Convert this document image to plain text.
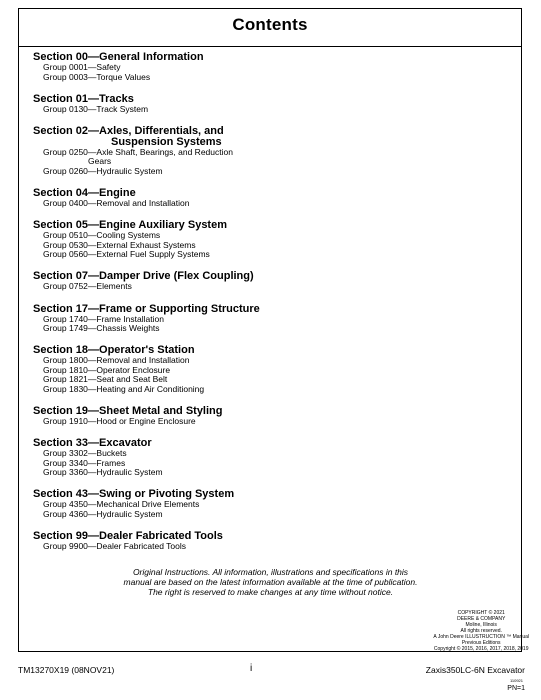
Contents
Section 00—General Information
Group 0001—Safety
Group 0003—Torque Values
Section 01—Tracks
Group 0130—Track System
Section 02—Axles, Differentials, and
Suspension Systems
Group 0250—Axle Shaft, Bearings, and Reduction
Gears
Group 0260—Hydraulic System
Section 04—Engine
Group 0400—Removal and Installation
Section 05—Engine Auxiliary System
Group 0510—Cooling Systems
Group 0530—External Exhaust Systems
Group 0560—External Fuel Supply Systems
Section 07—Damper Drive (Flex Coupling)
Group 0752—Elements
Section 17—Frame or Supporting Structure
Group 1740—Frame Installation
Group 1749—Chassis Weights
Section 18—Operator's Station
Group 1800—Removal and Installation
Group 1810—Operator Enclosure
Group 1821—Seat and Seat Belt
Group 1830—Heating and Air Conditioning
Section 19—Sheet Metal and Styling
Group 1910—Hood or Engine Enclosure
Section 33—Excavator
Group 3302—Buckets
Group 3340—Frames
Group 3360—Hydraulic System
Section 43—Swing or Pivoting System
Group 4350—Mechanical Drive Elements
Group 4360—Hydraulic System
Section 99—Dealer Fabricated Tools
Group 9900—Dealer Fabricated Tools
Original Instructions. All information, illustrations and specifications in this
manual are based on the latest information available at the time of publication.
The right is reserved to make changes at any time without notice.
COPYRIGHT © 2021
DEERE & COMPANY
Moline, Illinois
All rights reserved.
A John Deere ILLUSTRUCTION ™ Manual
Previous Editions
Copyright © 2015, 2016, 2017, 2018, 2019
TM13270X19 (08NOV21)	i	Zaxis350LC-6N Excavator
110921
PN=1
